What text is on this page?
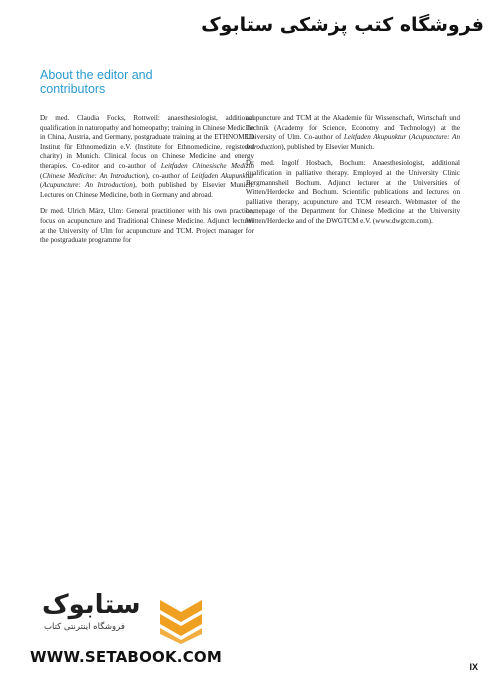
فروشگاه کتب پزشکی ستابوک
About the editor and
contributors

Dr med. Claudia Focks, Rottweil: anaesthesiologist, additional qualification in naturopathy and homeopathy; training in Chinese Medicine in China, Austria, and Germany, postgraduate training at the ETHNOMED Institut für Ethnomedizin e.V. (Institute for Ethnomedicine, registered charity) in Munich. Clinical focus on Chinese Medicine and energy therapies. Co-editor and co-author of Leitfaden Chinesische Medizin (Chinese Medicine: An Introduction), co-author of Leitfaden Akupunktur (Acupuncture: An Introduction), both published by Elsevier Munich. Lectures on Chinese Medicine, both in Germany and abroad.

Dr med. Ulrich März, Ulm: General practitioner with his own practice, focus on acupuncture and Traditional Chinese Medicine. Adjunct lecturer at the University of Ulm for acupuncture and TCM. Project manager for the postgraduate programme for

acupuncture and TCM at the Akademie für Wissenschaft, Wirtschaft und Technik (Academy for Science, Economy and Technology) at the University of Ulm. Co-author of Leitfaden Akupunktur (Acupuncture: An Introduction), published by Elsevier Munich.

Dr med. Ingolf Hosbach, Bochum: Anaesthesiologist, additional qualification in palliative therapy. Employed at the University Clinic Bergmannsheil Bochum. Adjunct lecturer at the Universities of Witten/Herdecke and Bochum. Scientific publications and lectures on palliative therapy, acupuncture and TCM research. Webmaster of the homepage of the Department for Chinese Medicine at the University Witten/Herdecke and of the DWGTCM e.V. (www.dwgtcm.com).

ستابوک
فروشگاه اینترنتی کتاب
WWW.SETABOOK.COM
IX
